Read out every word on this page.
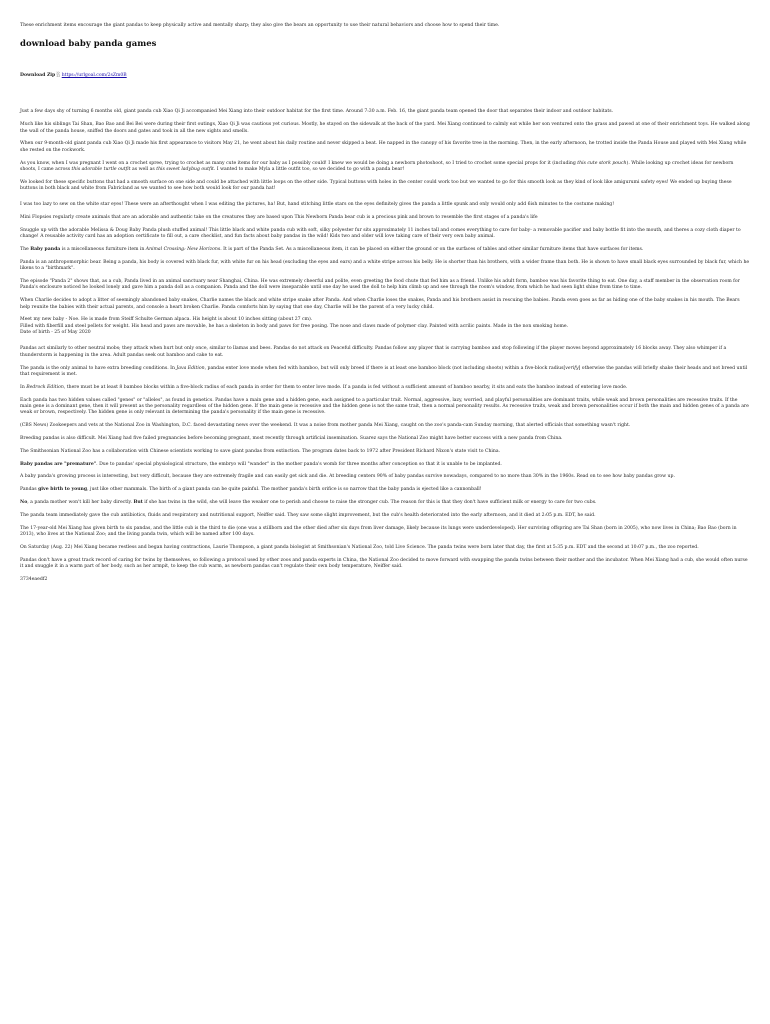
These enrichment items encourage the giant pandas to keep physically active and mentally sharp; they also give the bears an opportunity to use their natural behaviors and choose how to spend their time.

download baby panda games
Download Zip ░ https://urlgoal.com/2sZm0B

Just a few days shy of turning 6 months old, giant panda cub Xiao Qi Ji accompanied Mei Xiang into their outdoor habitat for the first time. Around 7:30 a.m. Feb. 16, the giant panda team opened the door that separates their indoor and outdoor habitats.

Much like his siblings Tai Shan, Bao Bao and Bei Bei were during their first outings, Xiao Qi Ji was cautious yet curious. Mostly, he stayed on the sidewalk at the back of the yard. Mei Xiang continued to calmly eat while her son ventured onto the grass and pawed at one of their enrichment toys. He walked along the wall of the panda house, sniffed the doors and gates and took in all the new sights and smells.

When our 9-month-old giant panda cub Xiao Qi Ji made his first appearance to visitors May 21, he went about his daily routine and never skipped a beat. He napped in the canopy of his favorite tree in the morning. Then, in the early afternoon, he trotted inside the Panda House and played with Mei Xiang while she rested on the rockwork.

As you know, when I was pregnant I went on a crochet spree, trying to crochet as many cute items for our baby as I possibly could! I knew we would be doing a newborn photoshoot, so I tried to crochet some special props for it (including this cute stork pouch). While looking up crochet ideas for newborn shoots, I came across this adorable turtle outfit as well as this sweet ladybug outfit. I wanted to make Myla a little outfit too, so we decided to go with a panda bear!

We looked for these specific buttons that had a smooth surface on one side and could be attached with little loops on the other side. Typical buttons with holes in the center could work too but we wanted to go for this smooth look as they kind of look like amigurumi safety eyes! We ended up buying these buttons in both black and white from Fabricland as we wanted to see how both would look for our panda hat!

I was too lazy to sew on the white star eyes! These were an afterthought when I was editing the pictures, ha! But, hand stitching little stars on the eyes definitely gives the panda a little spunk and only would only add 6ish minutes to the costume making!

Mini Flopsies regularly create animals that are an adorable and authentic take on the creatures they are based upon This Newborn Panda bear cub is a precious pink and brown to resemble the first stages of a panda's life

Snuggle up with the adorable Melissa & Doug Baby Panda plush stuffed animal! This little black and white panda cub with soft, silky polyester fur sits approximately 11 inches tall and comes everything to care for baby- a removable pacifier and baby bottle fit into the mouth, and theres a cozy cloth diaper to change! A reusable activity card has an adoption certificate to fill out, a care checklist, and fun facts about baby pandas in the wild! Kids two and older will love taking care of their very own baby animal.

The Baby panda is a miscellaneous furniture item in Animal Crossing: New Horizons. It is part of the Panda Set. As a miscellaneous item, it can be placed on either the ground or on the surfaces of tables and other similar furniture items that have surfaces for items.

Panda is an anthropomorphic bear. Being a panda, his body is covered with black fur, with white fur on his head (excluding the eyes and ears) and a white stripe across his belly. He is shorter than his brothers, with a wider frame than both. He is shown to have small black eyes surrounded by black fur, which he likens to a "birthmark".

The episode "Panda 2" shows that, as a cub, Panda lived in an animal sanctuary near Shanghai, China. He was extremely cheerful and polite, even greeting the food chute that fed him as a friend. Unlike his adult form, bamboo was his favorite thing to eat. One day, a staff member in the observation room for Panda's enclosure noticed he looked lonely and gave him a panda doll as a companion. Panda and the doll were inseparable until one day he used the doll to help him climb up and see through the room's window, from which he had seen light shine from time to time.

When Charlie decides to adopt a litter of seemingly abandoned baby snakes, Charlie names the black and white stripe snake after Panda. And when Charlie loses the snakes, Panda and his brothers assist in rescuing the babies. Panda even goes as far as hiding one of the baby snakes in his mouth. The Bears help reunite the babies with their actual parents, and console a heart broken Charlie. Panda comforts him by saying that one day, Charlie will be the parent of a very lucky child.

Meet my new baby - Noe. He is made from Steiff Schulte German alpaca. His height is about 10 inches sitting (about 27 cm).
Filled with fiberfill and steel pellets for weight. His head and paws are movable, he has a skeleton in body and paws for free posing. The nose and claws made of polymer clay. Painted with acrilic paints. Made in the non smoking home.
Date of birth - 25 of May 2020

Pandas act similarly to other neutral mobs; they attack when hurt but only once, similar to llamas and bees. Pandas do not attack on Peaceful difficulty. Pandas follow any player that is carrying bamboo and stop following if the player moves beyond approximately 16 blocks away. They also whimper if a thunderstorm is happening in the area. Adult pandas seek out bamboo and cake to eat.

The panda is the only animal to have extra breeding conditions. In Java Edition, pandas enter love mode when fed with bamboo, but will only breed if there is at least one bamboo block (not including shoots) within a five-block radius[verify] otherwise the pandas will briefly shake their heads and not breed until that requirement is met.

In Bedrock Edition, there must be at least 8 bamboo blocks within a five-block radius of each panda in order for them to enter love mode. If a panda is fed without a sufficient amount of bamboo nearby, it sits and eats the bamboo instead of entering love mode.

Each panda has two hidden values called "genes" or "alleles", as found in genetics. Pandas have a main gene and a hidden gene, each assigned to a particular trait. Normal, aggressive, lazy, worried, and playful personalities are dominant traits, while weak and brown personalities are recessive traits. If the main gene is a dominant gene, then it will present as the personality regardless of the hidden gene. If the main gene is recessive and the hidden gene is not the same trait, then a normal personality results. As recessive traits, weak and brown personalities occur if both the main and hidden genes of a panda are weak or brown, respectively. The hidden gene is only relevant in determining the panda's personality if the main gene is recessive.

(CBS News) Zookeepers and vets at the National Zoo in Washington, D.C. faced devastating news over the weekend. It was a noise from mother panda Mei Xiang, caught on the zoo's panda-cam Sunday morning, that alerted officials that something wasn't right.

Breeding pandas is also difficult. Mei Xiang had five failed pregnancies before becoming pregnant, most recently through artificial insemination. Suarez says the National Zoo might have better success with a new panda from China.

The Smithsonian National Zoo has a collaboration with Chinese scientists working to save giant pandas from extinction. The program dates back to 1972 after President Richard Nixon's state visit to China.

Baby pandas are "premature". Due to pandas' special physiological structure, the embryo will "wander" in the mother panda's womb for three months after conception so that it is unable to be implanted.

A baby panda's growing process is interesting, but very difficult, because they are extremely fragile and can easily get sick and die. At breeding centers 90% of baby pandas survive nowadays, compared to no more than 30% in the 1960s. Read on to see how baby pandas grow up.

Pandas give birth to young, just like other mammals. The birth of a giant panda can be quite painful. The mother panda's birth orifice is so narrow that the baby panda is ejected like a cannonball!

No, a panda mother won't kill her baby directly. But if she has twins in the wild, she will leave the weaker one to perish and choose to raise the stronger cub. The reason for this is that they don't have sufficient milk or energy to care for two cubs.

The panda team immediately gave the cub antibiotics, fluids and respiratory and nutritional support, Neiffer said. They saw some slight improvement, but the cub's health deteriorated into the early afternoon, and it died at 2:05 p.m. EDT, he said.

The 17-year-old Mei Xiang has given birth to six pandas, and the little cub is the third to die (one was a stillborn and the other died after six days from liver damage, likely because its lungs were underdeveloped). Her surviving offspring are Tai Shan (born in 2005), who now lives in China; Bao Bao (born in 2013), who lives at the National Zoo; and the living panda twin, which will be named after 100 days.

On Saturday (Aug. 22) Mei Xiang became restless and began having contractions, Laurie Thompson, a giant panda biologist at Smithsonian's National Zoo, told Live Science. The panda twins were born later that day, the first at 5:35 p.m. EDT and the second at 10:07 p.m., the zoo reported.

Pandas don't have a great track record of caring for twins by themselves, so following a protocol used by other zoos and panda experts in China, the National Zoo decided to move forward with swapping the panda twins between their mother and the incubator. When Mei Xiang had a cub, she would often nurse it and snuggle it in a warm part of her body, such as her armpit, to keep the cub warm, as newborn pandas can't regulate their own body temperature, Neiffer said.

3734eaedf2
